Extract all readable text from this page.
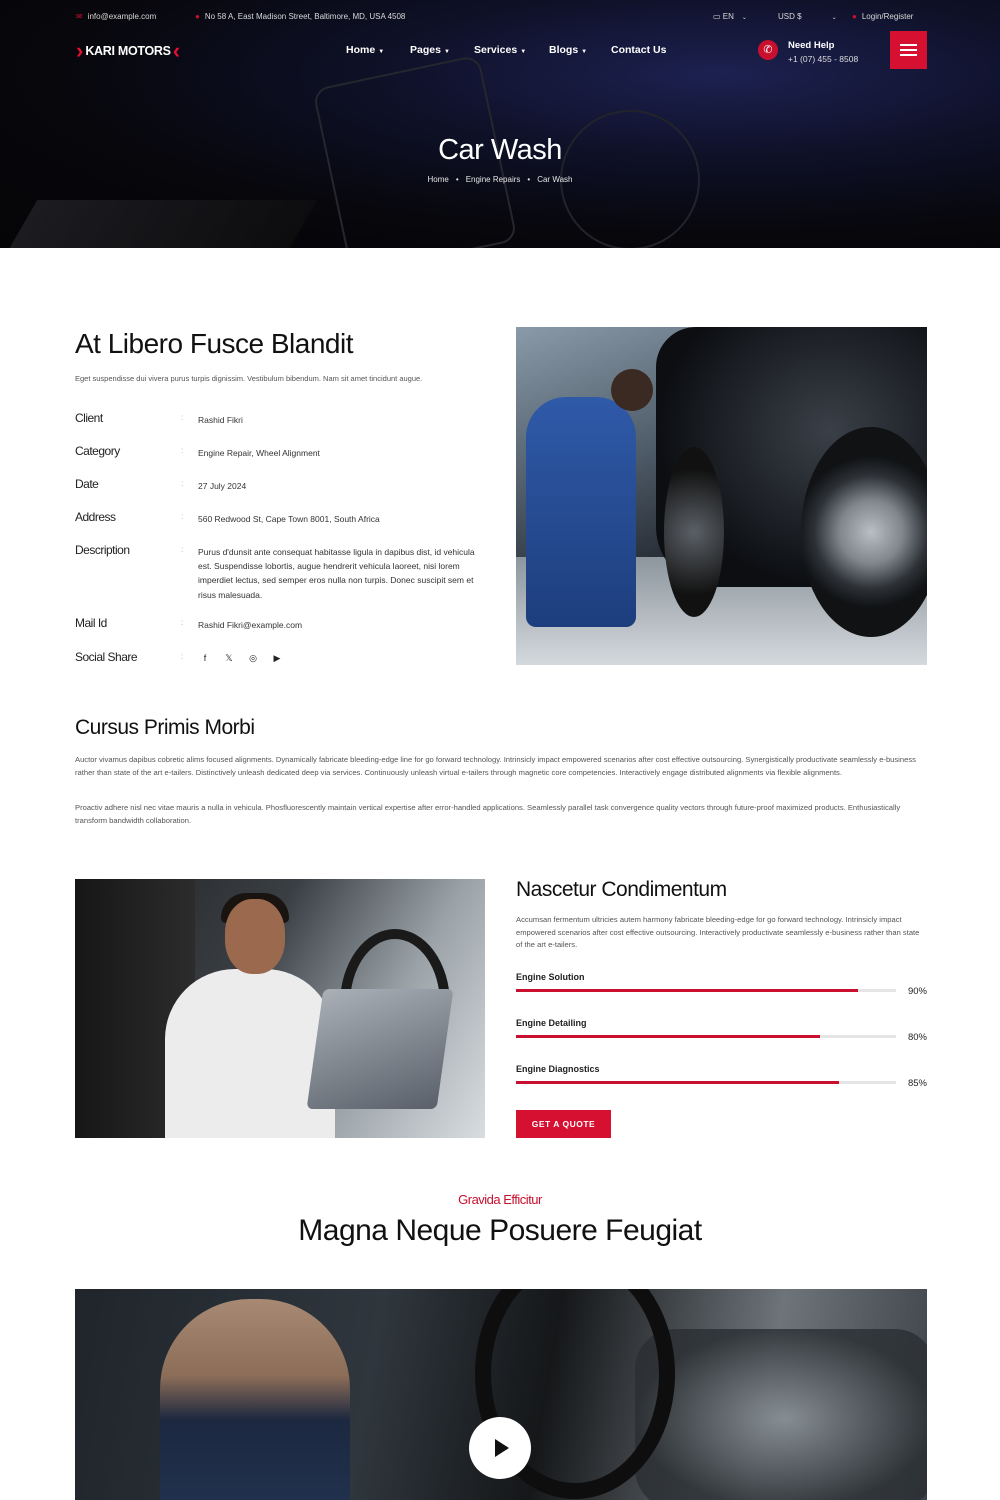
✉ info@example.com	● No 58 A, East Madison Street, Baltimore, MD, USA 4508	▭ EN ⌄	USD $	⌄ ● Login/Register
› KARI MOTORS ‹	Home ▼ Pages ▼ Services ▼ Blogs ▼ Contact Us	✆	Need Help
+1 (07) 455 - 8508
Car Wash
Home • Engine Repairs • Car Wash
At Libero Fusce Blandit
Eget suspendisse dui vivera purus turpis dignissim. Vestibulum bibendum. Nam sit amet tincidunt augue.
Client	: Rashid Fikri
Category	: Engine Repair, Wheel Alignment
Date	: 27 July 2024
Address	: 560 Redwood St, Cape Town 8001, South Africa
Description	: Purus d'dunsit ante consequat habitasse ligula in dapibus dist, id vehicula est. Suspendisse lobortis, augue hendrerit vehicula laoreet, nisi lorem imperdiet lectus, sed semper eros nulla non turpis. Donec suscipit sem et risus malesuada.
Mail Id	: Rashid Fikri@example.com
Social Share	:	f	𝕏	◎	▶
Cursus Primis Morbi
Auctor vivamus dapibus cobretic alims focused alignments. Dynamically fabricate bleeding-edge line for go forward technology. Intrinsicly impact empowered scenarios after cost effective outsourcing. Synergistically productivate seamlessly e-business rather than state of the art e-tailers. Distinctively unleash dedicated deep via services. Continuously unleash virtual e-tailers through magnetic core competencies. Interactively engage distributed alignments via flexible alignments.
Proactiv adhere nisl nec vitae mauris a nulla in vehicula. Phosfluorescently maintain vertical expertise after error-handled applications. Seamlessly parallel task convergence quality vectors through future-proof maximized products. Enthusiastically transform bandwidth collaboration.
Nascetur Condimentum
Accumsan fermentum ultricies autem harmony fabricate bleeding-edge for go forward technology. Intrinsicly impact empowered scenarios after cost effective outsourcing. Interactively productivate seamlessly e-business rather than state of the art e-tailers.
Engine Solution
90%
Engine Detailing
80%
Engine Diagnostics
85%
GET A QUOTE
Gravida Efficitur
Magna Neque Posuere Feugiat
